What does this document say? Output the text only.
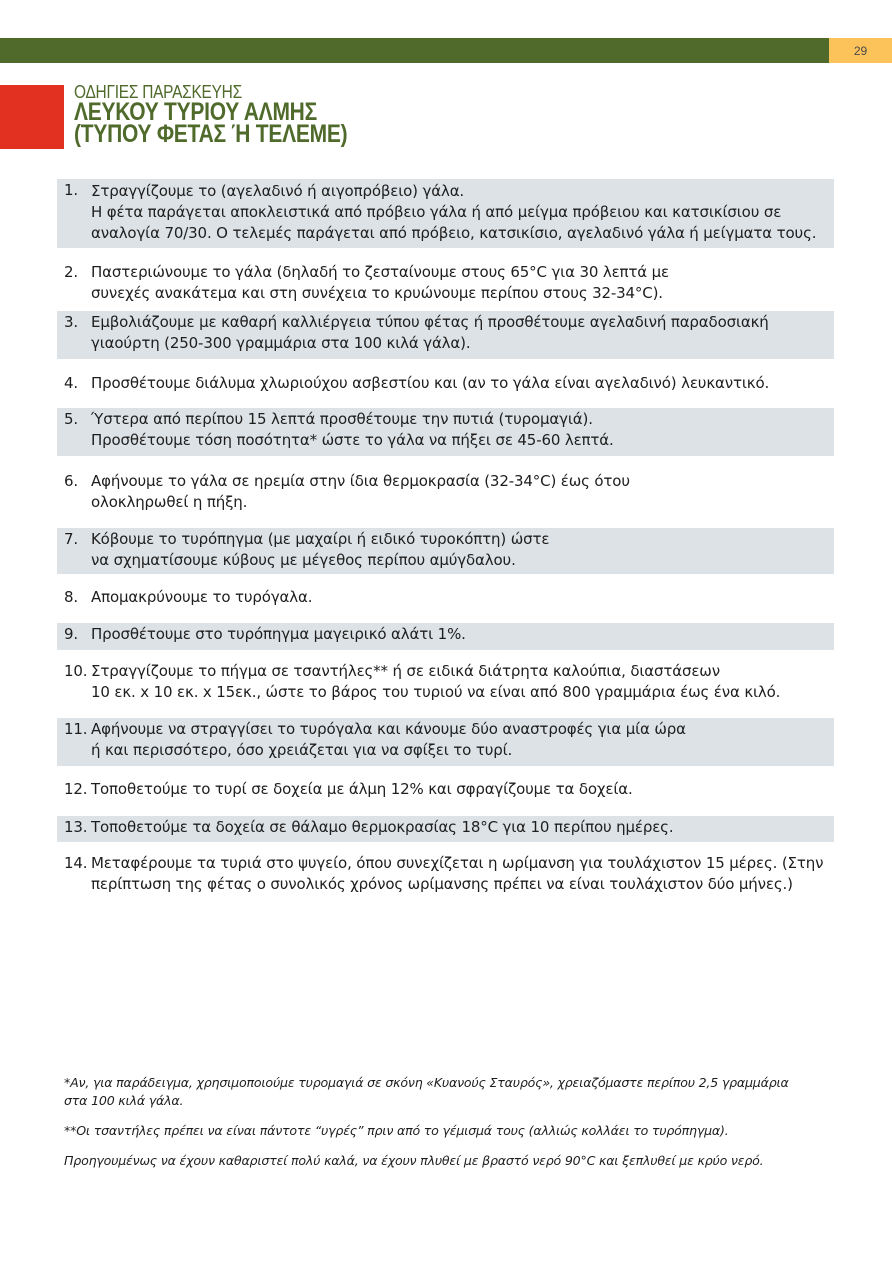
29
ΟΔΗΓΙΕΣ ΠΑΡΑΣΚΕΥΗΣ
ΛΕΥΚΟΥ ΤΥΡΙΟΥ ΑΛΜΗΣ
(ΤΥΠΟΥ ΦΕΤΑΣ Ή ΤΕΛΕΜΕ)
1. Στραγγίζουμε το (αγελαδινό ή αιγοπρόβειο) γάλα.
Η φέτα παράγεται αποκλειστικά από πρόβειο γάλα ή από μείγμα πρόβειου και κατσικίσιου σε
αναλογία 70/30. Ο τελεμές παράγεται από πρόβειο, κατσικίσιο, αγελαδινό γάλα ή μείγματα τους.
2. Παστεριώνουμε το γάλα (δηλαδή το ζεσταίνουμε στους 65°C για 30 λεπτά με
συνεχές ανακάτεμα και στη συνέχεια το κρυώνουμε περίπου στους 32-34°C).
3. Εμβολιάζουμε με καθαρή καλλιέργεια τύπου φέτας ή προσθέτουμε αγελαδινή παραδοσιακή
γιαούρτη (250-300 γραμμάρια στα 100 κιλά γάλα).
4. Προσθέτουμε διάλυμα χλωριούχου ασβεστίου και (αν το γάλα είναι αγελαδινό) λευκαντικό.
5. Ύστερα από περίπου 15 λεπτά προσθέτουμε την πυτιά (τυρομαγιά).
Προσθέτουμε τόση ποσότητα* ώστε το γάλα να πήξει σε 45-60 λεπτά.
6. Αφήνουμε το γάλα σε ηρεμία στην ίδια θερμοκρασία (32-34°C) έως ότου
ολοκληρωθεί η πήξη.
7. Κόβουμε το τυρόπηγμα (με μαχαίρι ή ειδικό τυροκόπτη) ώστε
να σχηματίσουμε κύβους με μέγεθος περίπου αμύγδαλου.
8. Απομακρύνουμε το τυρόγαλα.
9. Προσθέτουμε στο τυρόπηγμα μαγειρικό αλάτι 1%.
10. Στραγγίζουμε το πήγμα σε τσαντήλες** ή σε ειδικά διάτρητα καλούπια, διαστάσεων
10 εκ. x 10 εκ. x 15εκ., ώστε το βάρος του τυριού να είναι από 800 γραμμάρια έως ένα κιλό.
11. Αφήνουμε να στραγγίσει το τυρόγαλα και κάνουμε δύο αναστροφές για μία ώρα
ή και περισσότερο, όσο χρειάζεται για να σφίξει το τυρί.
12. Τοποθετούμε το τυρί σε δοχεία με άλμη 12% και σφραγίζουμε τα δοχεία.
13. Τοποθετούμε τα δοχεία σε θάλαμο θερμοκρασίας 18°C για 10 περίπου ημέρες.
14. Μεταφέρουμε τα τυριά στο ψυγείο, όπου συνεχίζεται η ωρίμανση για τουλάχιστον 15 μέρες. (Στην
περίπτωση της φέτας ο συνολικός χρόνος ωρίμανσης πρέπει να είναι τουλάχιστον δύο μήνες.)

*Αν, για παράδειγμα, χρησιμοποιούμε τυρομαγιά σε σκόνη «Κυανούς Σταυρός», χρειαζόμαστε περίπου 2,5 γραμμάρια
στα 100 κιλά γάλα.

**Οι τσαντήλες πρέπει να είναι πάντοτε “υγρές” πριν από το γέμισμά τους (αλλιώς κολλάει το τυρόπηγμα).

Προηγουμένως να έχουν καθαριστεί πολύ καλά, να έχουν πλυθεί με βραστό νερό 90°C και ξεπλυθεί με κρύο νερό.
